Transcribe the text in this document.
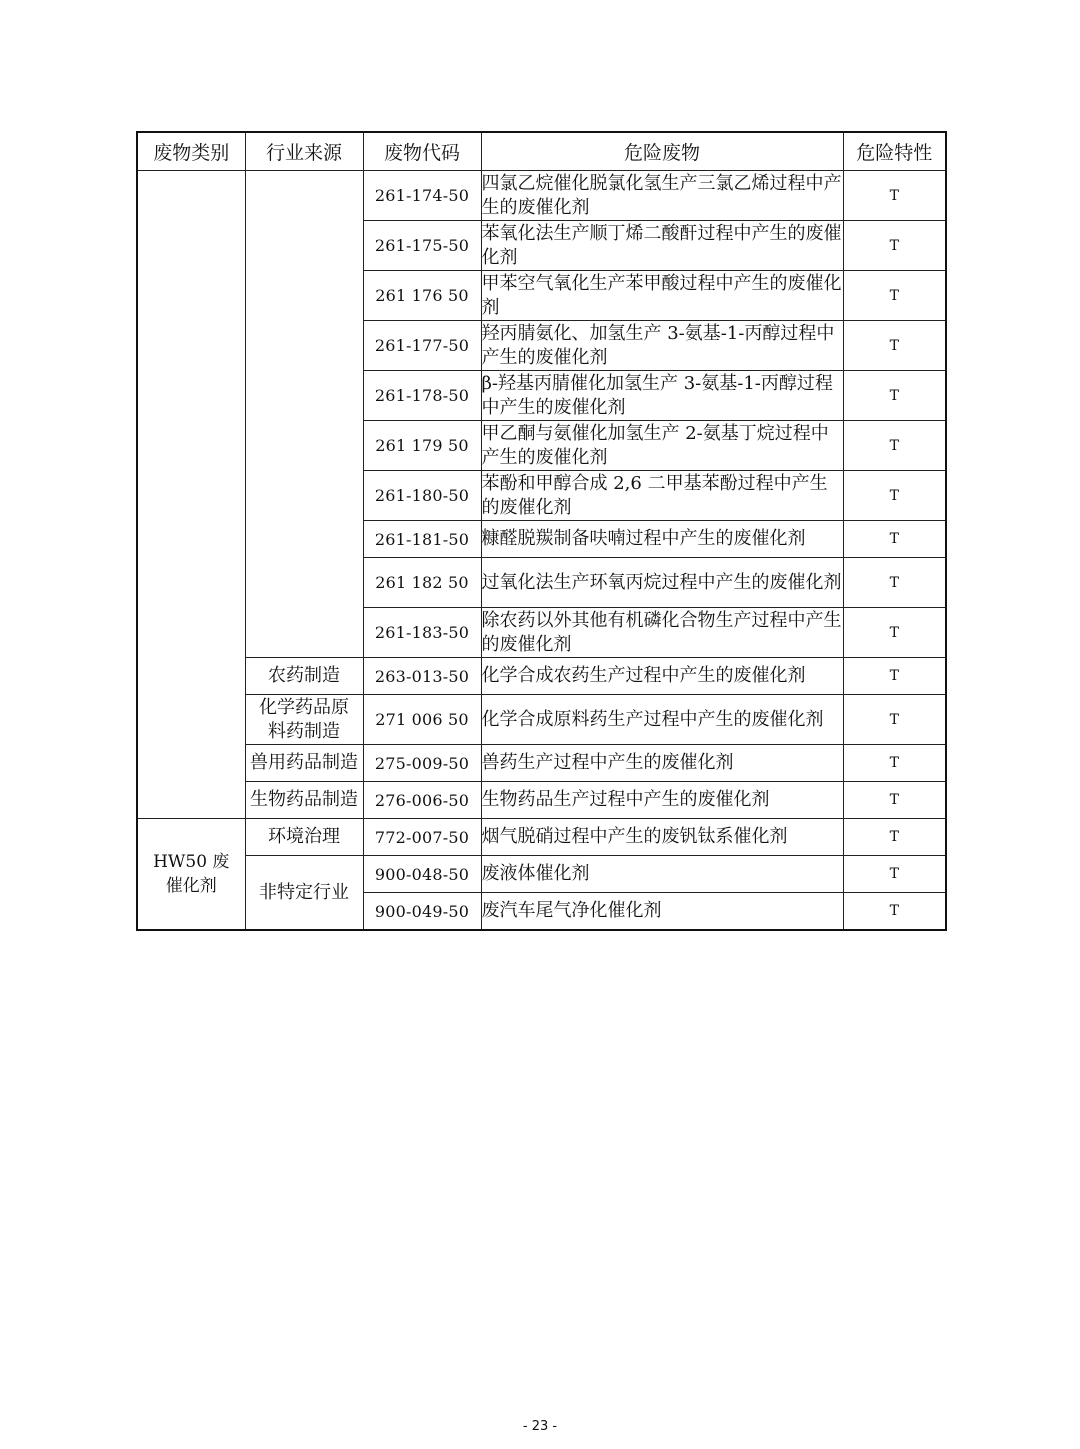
废物类别	行业来源	废物代码	危险废物	危险特性
		261-174-50	四氯乙烷催化脱氯化氢生产三氯乙烯过程中产生的废催化剂	T
		261-175-50	苯氧化法生产顺丁烯二酸酐过程中产生的废催化剂	T
		261 176 50	甲苯空气氧化生产苯甲酸过程中产生的废催化剂	T
		261-177-50	羟丙腈氨化、加氢生产 3-氨基-1-丙醇过程中产生的废催化剂	T
		261-178-50	β-羟基丙腈催化加氢生产 3-氨基-1-丙醇过程中产生的废催化剂	T
		261 179 50	甲乙酮与氨催化加氢生产 2-氨基丁烷过程中产生的废催化剂	T
		261-180-50	苯酚和甲醇合成 2,6 二甲基苯酚过程中产生的废催化剂	T
		261-181-50	糠醛脱羰制备呋喃过程中产生的废催化剂	T
		261 182 50	过氧化法生产环氧丙烷过程中产生的废催化剂	T
		261-183-50	除农药以外其他有机磷化合物生产过程中产生的废催化剂	T
	农药制造	263-013-50	化学合成农药生产过程中产生的废催化剂	T
	化学药品原料药制造	271 006 50	化学合成原料药生产过程中产生的废催化剂	T
	兽用药品制造	275-009-50	兽药生产过程中产生的废催化剂	T
	生物药品制造	276-006-50	生物药品生产过程中产生的废催化剂	T
HW50 废催化剂	环境治理	772-007-50	烟气脱硝过程中产生的废钒钛系催化剂	T
	非特定行业	900-048-50	废液体催化剂	T
		900-049-50	废汽车尾气净化催化剂	T
- 23 -
